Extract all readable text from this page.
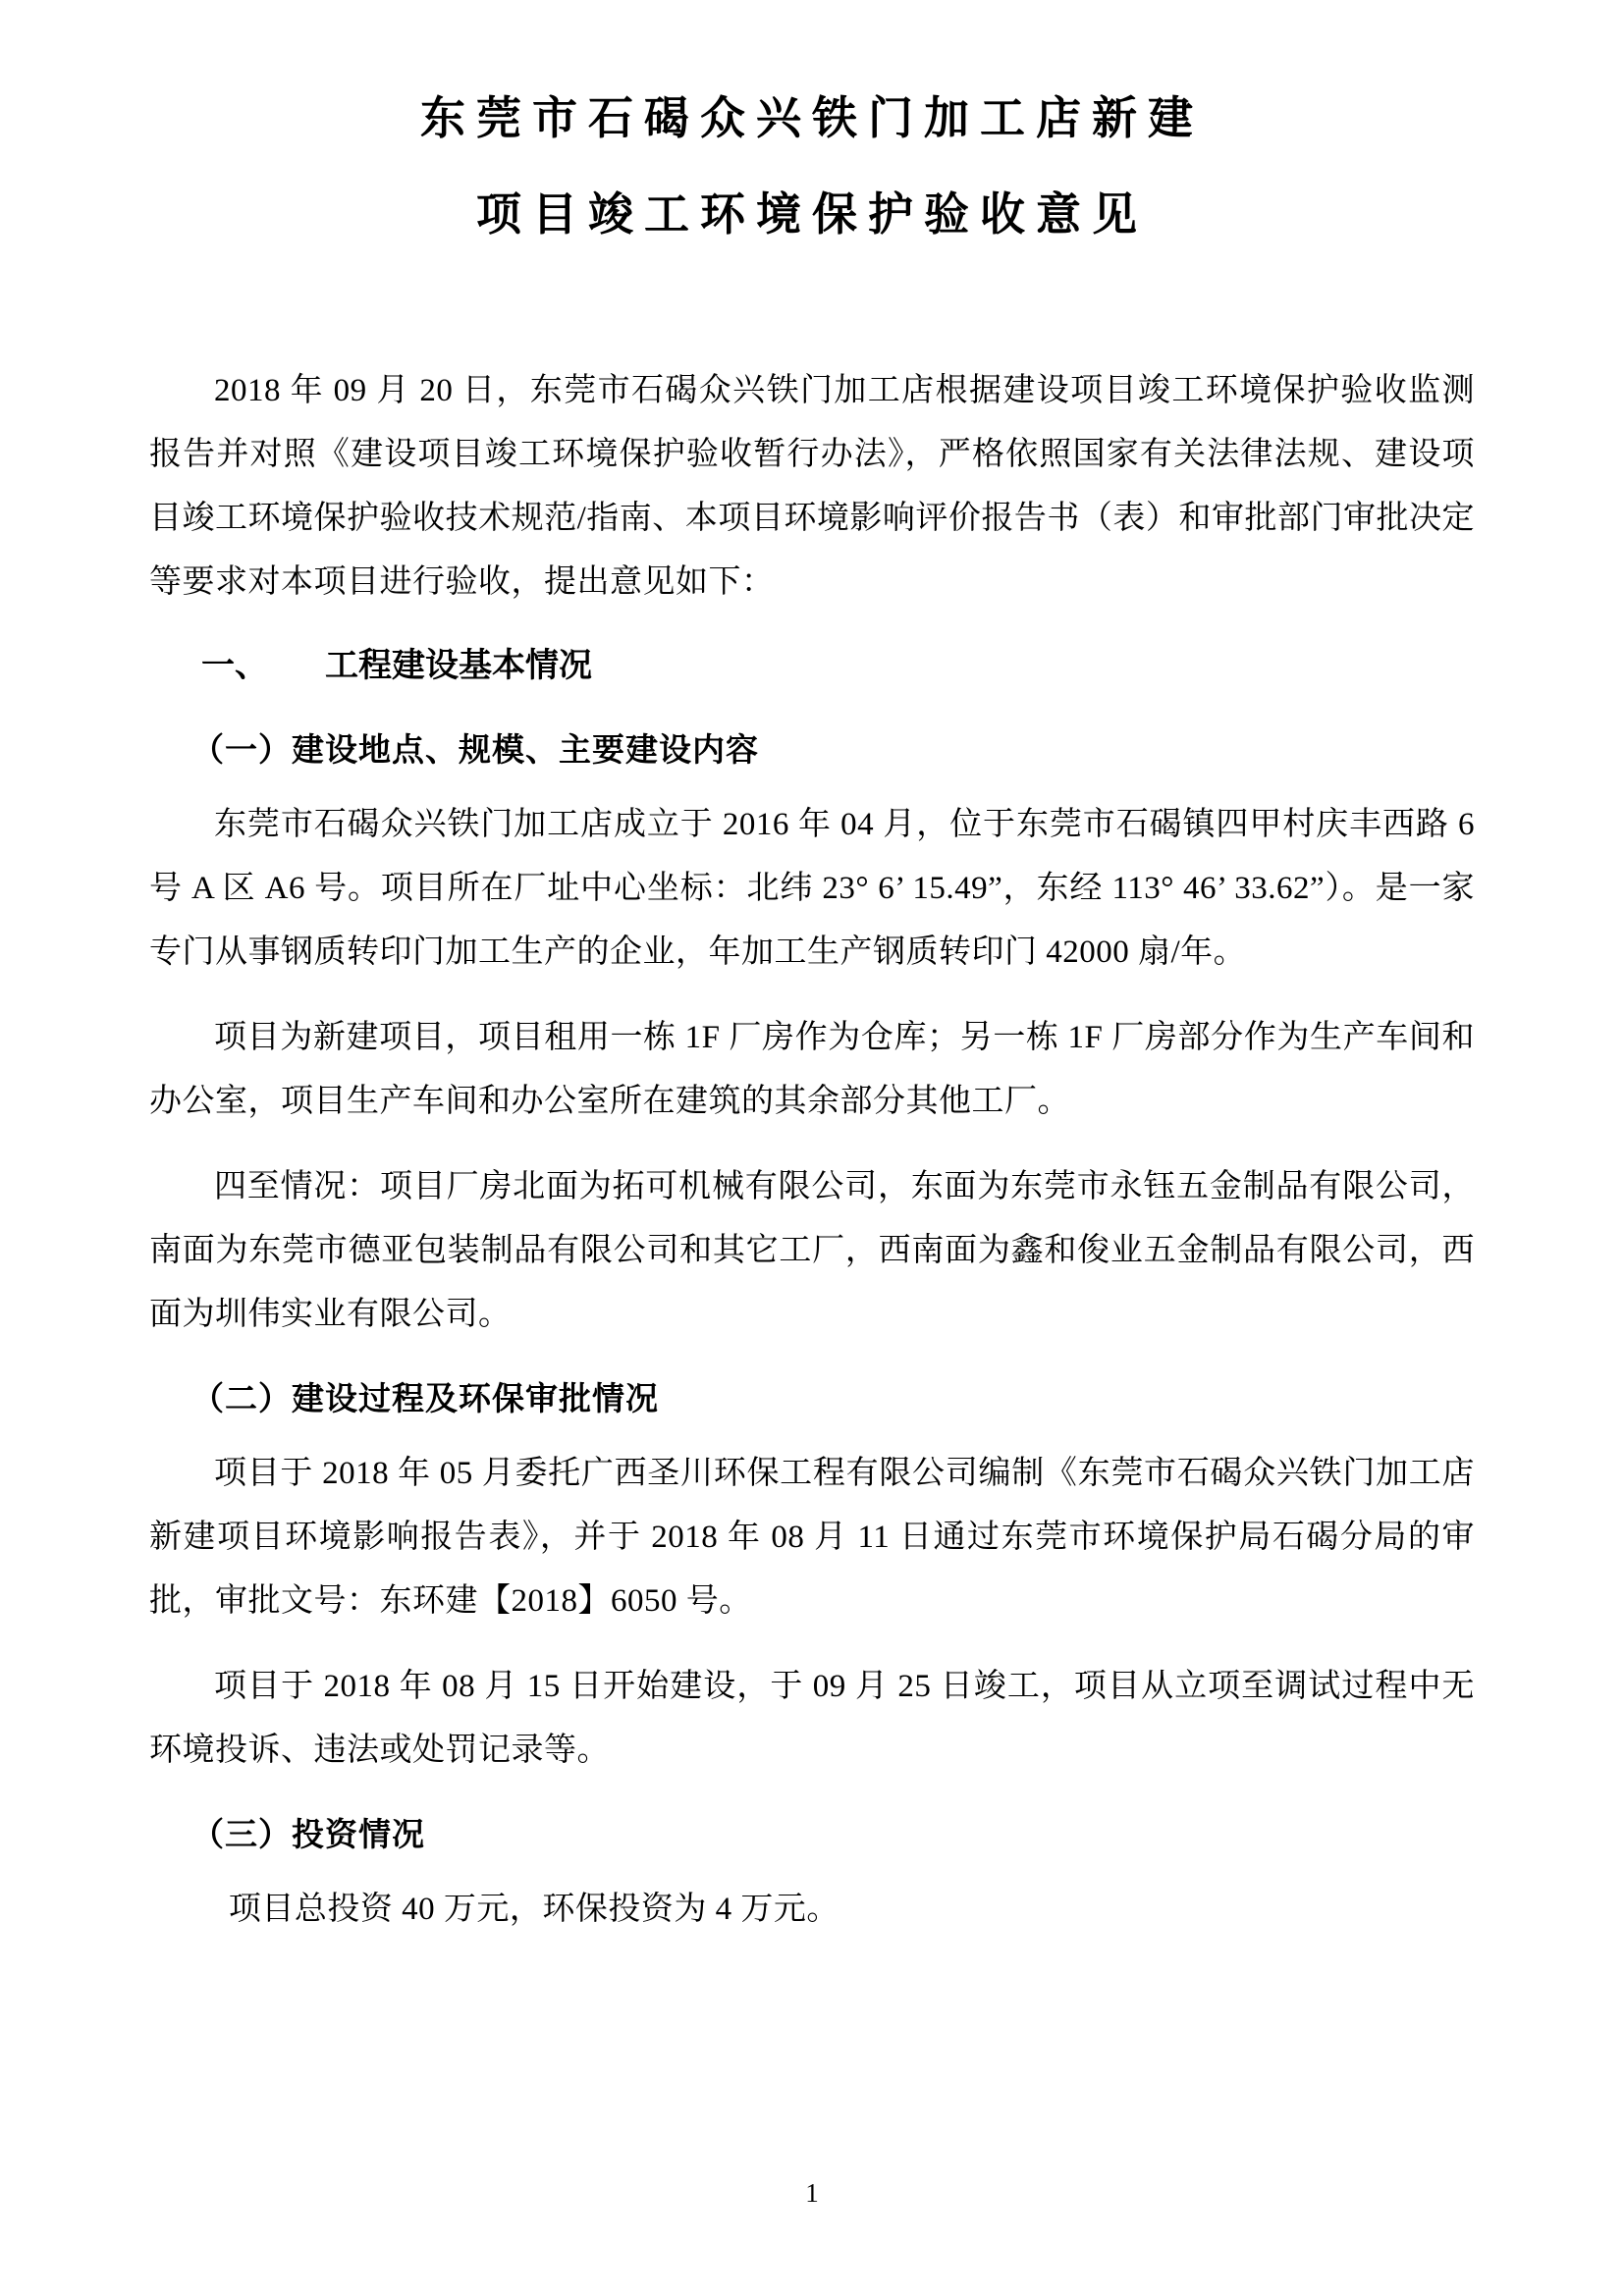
东莞市石碣众兴铁门加工店新建
项目竣工环境保护验收意见

2018 年 09 月 20 日，东莞市石碣众兴铁门加工店根据建设项目竣工环境保护验收监测报告并对照《建设项目竣工环境保护验收暂行办法》，严格依照国家有关法律法规、建设项目竣工环境保护验收技术规范/指南、本项目环境影响评价报告书（表）和审批部门审批决定等要求对本项目进行验收，提出意见如下：

一、 工程建设基本情况
（一）建设地点、规模、主要建设内容

东莞市石碣众兴铁门加工店成立于 2016 年 04 月，位于东莞市石碣镇四甲村庆丰西路 6 号 A 区 A6 号。项目所在厂址中心坐标：北纬 23° 6’ 15.49”，东经 113° 46’ 33.62”）。是一家专门从事钢质转印门加工生产的企业，年加工生产钢质转印门 42000 扇/年。

项目为新建项目，项目租用一栋 1F 厂房作为仓库；另一栋 1F 厂房部分作为生产车间和办公室，项目生产车间和办公室所在建筑的其余部分其他工厂。

四至情况：项目厂房北面为拓可机械有限公司，东面为东莞市永钰五金制品有限公司，南面为东莞市德亚包装制品有限公司和其它工厂，西南面为鑫和俊业五金制品有限公司，西面为圳伟实业有限公司。

（二）建设过程及环保审批情况

项目于 2018 年 05 月委托广西圣川环保工程有限公司编制《东莞市石碣众兴铁门加工店新建项目环境影响报告表》，并于 2018 年 08 月 11 日通过东莞市环境保护局石碣分局的审批，审批文号：东环建【2018】6050 号。

项目于 2018 年 08 月 15 日开始建设，于 09 月 25 日竣工，项目从立项至调试过程中无环境投诉、违法或处罚记录等。

（三）投资情况

项目总投资 40 万元，环保投资为 4 万元。

1
